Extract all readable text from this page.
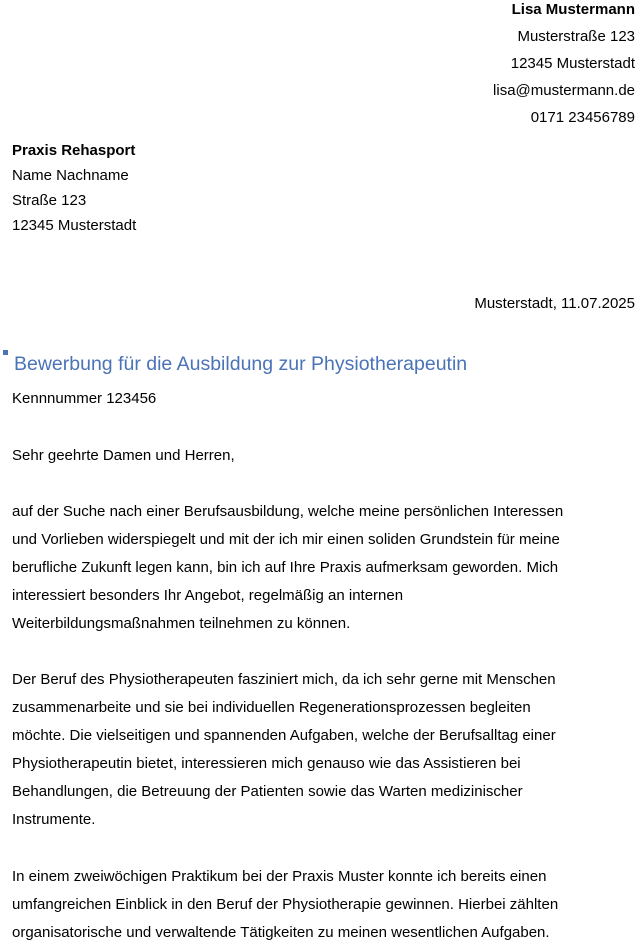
Lisa Mustermann
Musterstraße 123
12345 Musterstadt
lisa@mustermann.de
0171 23456789
Praxis Rehasport
Name Nachname
Straße 123
12345 Musterstadt
Musterstadt, 11.07.2025
Bewerbung für die Ausbildung zur Physiotherapeutin
Kennnummer 123456
Sehr geehrte Damen und Herren,
auf der Suche nach einer Berufsausbildung, welche meine persönlichen Interessen
und Vorlieben widerspiegelt und mit der ich mir einen soliden Grundstein für meine
berufliche Zukunft legen kann, bin ich auf Ihre Praxis aufmerksam geworden. Mich
interessiert besonders Ihr Angebot, regelmäßig an internen
Weiterbildungsmaßnahmen teilnehmen zu können.
Der Beruf des Physiotherapeuten fasziniert mich, da ich sehr gerne mit Menschen
zusammenarbeite und sie bei individuellen Regenerationsprozessen begleiten
möchte. Die vielseitigen und spannenden Aufgaben, welche der Berufsalltag einer
Physiotherapeutin bietet, interessieren mich genauso wie das Assistieren bei
Behandlungen, die Betreuung der Patienten sowie das Warten medizinischer
Instrumente.
In einem zweiwöchigen Praktikum bei der Praxis Muster konnte ich bereits einen
umfangreichen Einblick in den Beruf der Physiotherapie gewinnen. Hierbei zählten
organisatorische und verwaltende Tätigkeiten zu meinen wesentlichen Aufgaben.
